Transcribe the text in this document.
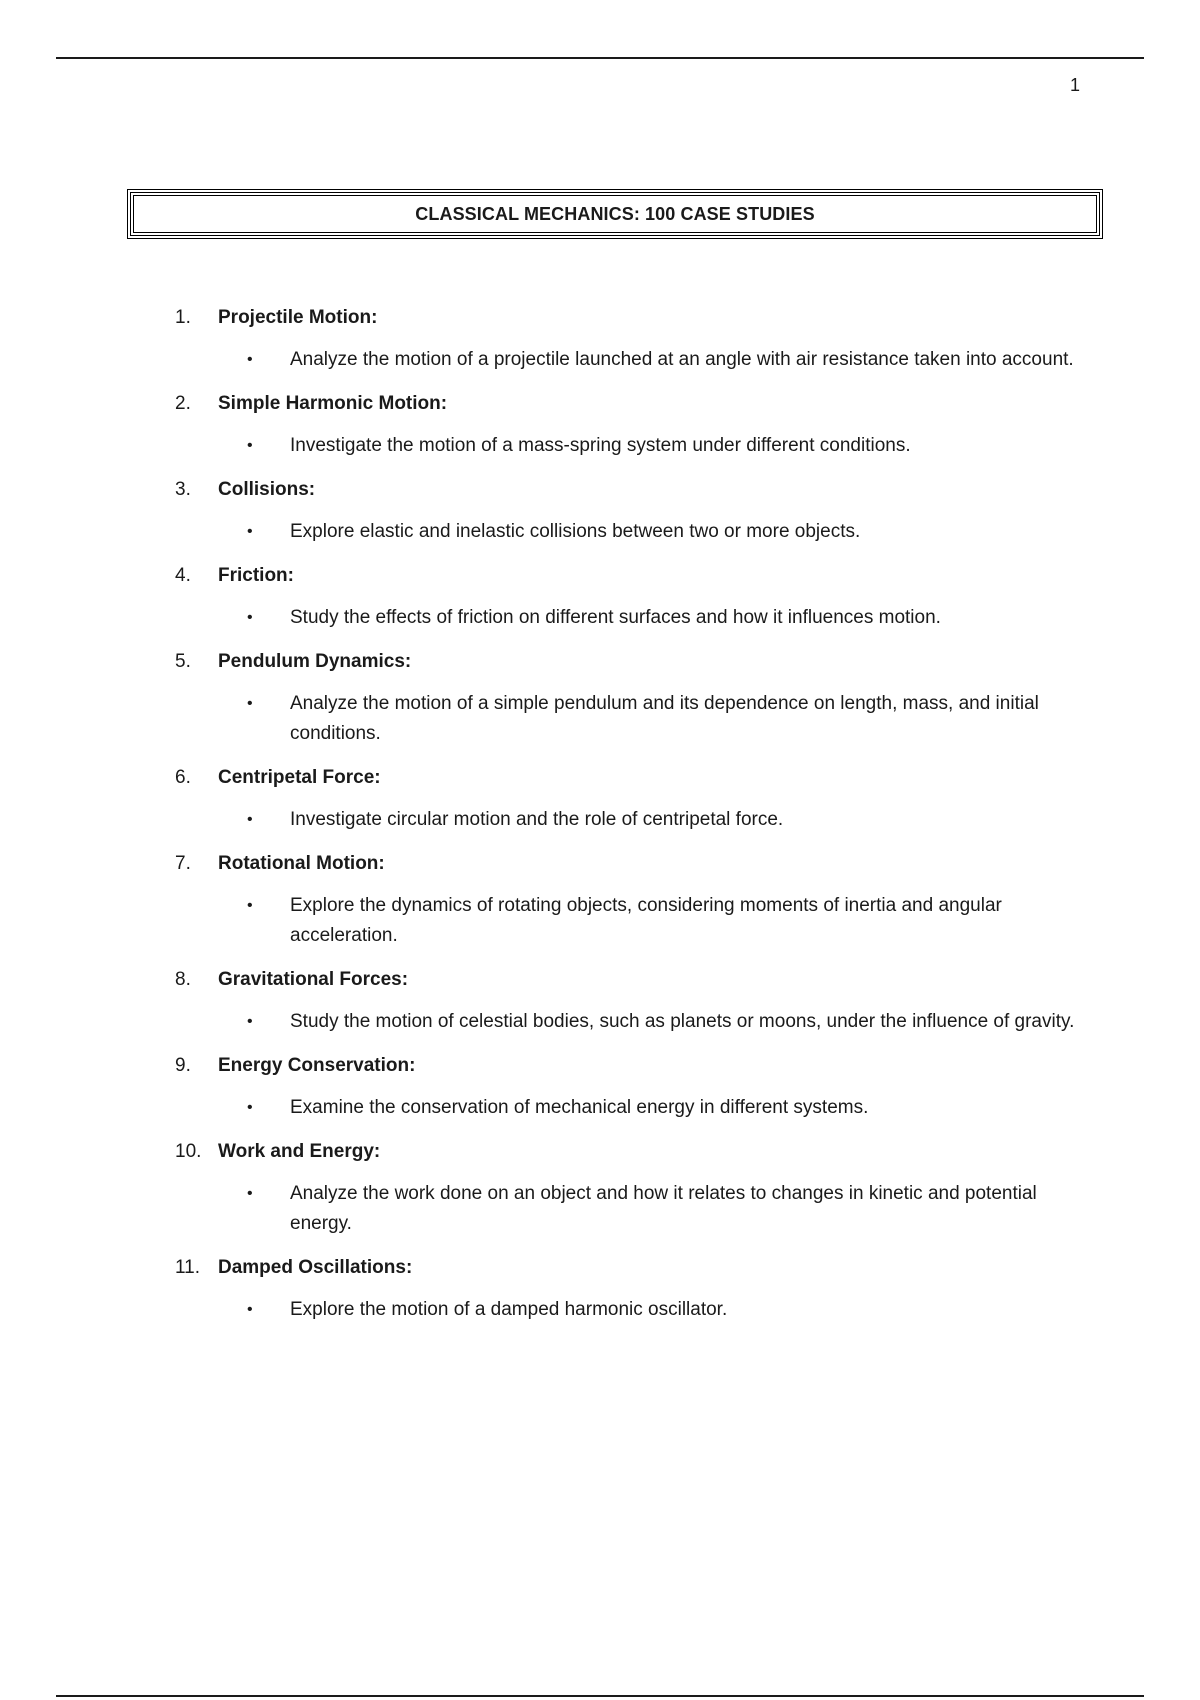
1
CLASSICAL MECHANICS: 100 CASE STUDIES
1.	Projectile Motion:
•	Analyze the motion of a projectile launched at an angle with air resistance taken into account.
2.	Simple Harmonic Motion:
•	Investigate the motion of a mass-spring system under different conditions.
3.	Collisions:
•	Explore elastic and inelastic collisions between two or more objects.
4.	Friction:
•	Study the effects of friction on different surfaces and how it influences motion.
5.	Pendulum Dynamics:
•	Analyze the motion of a simple pendulum and its dependence on length, mass, and initial conditions.
6.	Centripetal Force:
•	Investigate circular motion and the role of centripetal force.
7.	Rotational Motion:
•	Explore the dynamics of rotating objects, considering moments of inertia and angular acceleration.
8.	Gravitational Forces:
•	Study the motion of celestial bodies, such as planets or moons, under the influence of gravity.
9.	Energy Conservation:
•	Examine the conservation of mechanical energy in different systems.
10. Work and Energy:
•	Analyze the work done on an object and how it relates to changes in kinetic and potential energy.
11. Damped Oscillations:
•	Explore the motion of a damped harmonic oscillator.
